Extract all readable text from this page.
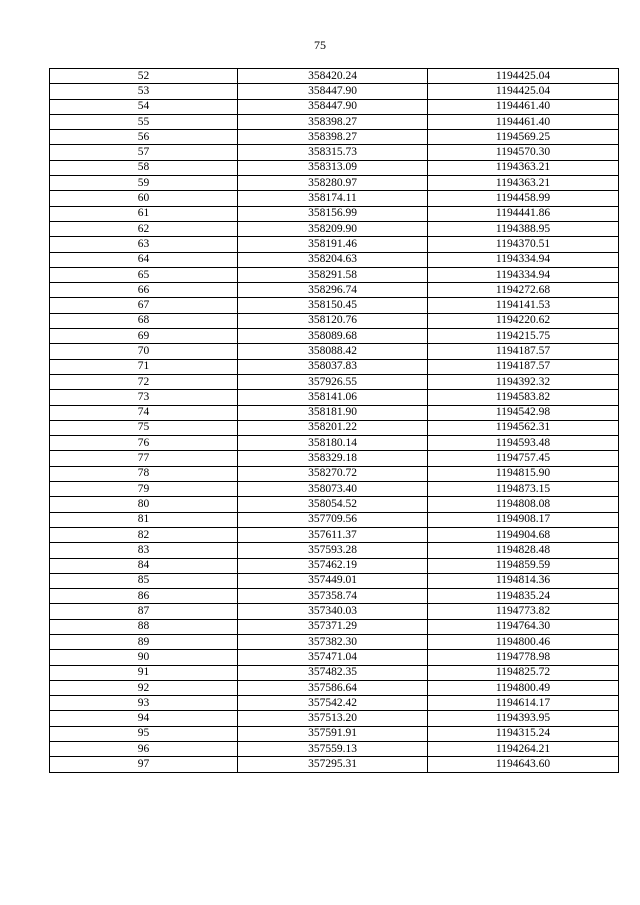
75
52	358420.24	1194425.04
53	358447.90	1194425.04
54	358447.90	1194461.40
55	358398.27	1194461.40
56	358398.27	1194569.25
57	358315.73	1194570.30
58	358313.09	1194363.21
59	358280.97	1194363.21
60	358174.11	1194458.99
61	358156.99	1194441.86
62	358209.90	1194388.95
63	358191.46	1194370.51
64	358204.63	1194334.94
65	358291.58	1194334.94
66	358296.74	1194272.68
67	358150.45	1194141.53
68	358120.76	1194220.62
69	358089.68	1194215.75
70	358088.42	1194187.57
71	358037.83	1194187.57
72	357926.55	1194392.32
73	358141.06	1194583.82
74	358181.90	1194542.98
75	358201.22	1194562.31
76	358180.14	1194593.48
77	358329.18	1194757.45
78	358270.72	1194815.90
79	358073.40	1194873.15
80	358054.52	1194808.08
81	357709.56	1194908.17
82	357611.37	1194904.68
83	357593.28	1194828.48
84	357462.19	1194859.59
85	357449.01	1194814.36
86	357358.74	1194835.24
87	357340.03	1194773.82
88	357371.29	1194764.30
89	357382.30	1194800.46
90	357471.04	1194778.98
91	357482.35	1194825.72
92	357586.64	1194800.49
93	357542.42	1194614.17
94	357513.20	1194393.95
95	357591.91	1194315.24
96	357559.13	1194264.21
97	357295.31	1194643.60
